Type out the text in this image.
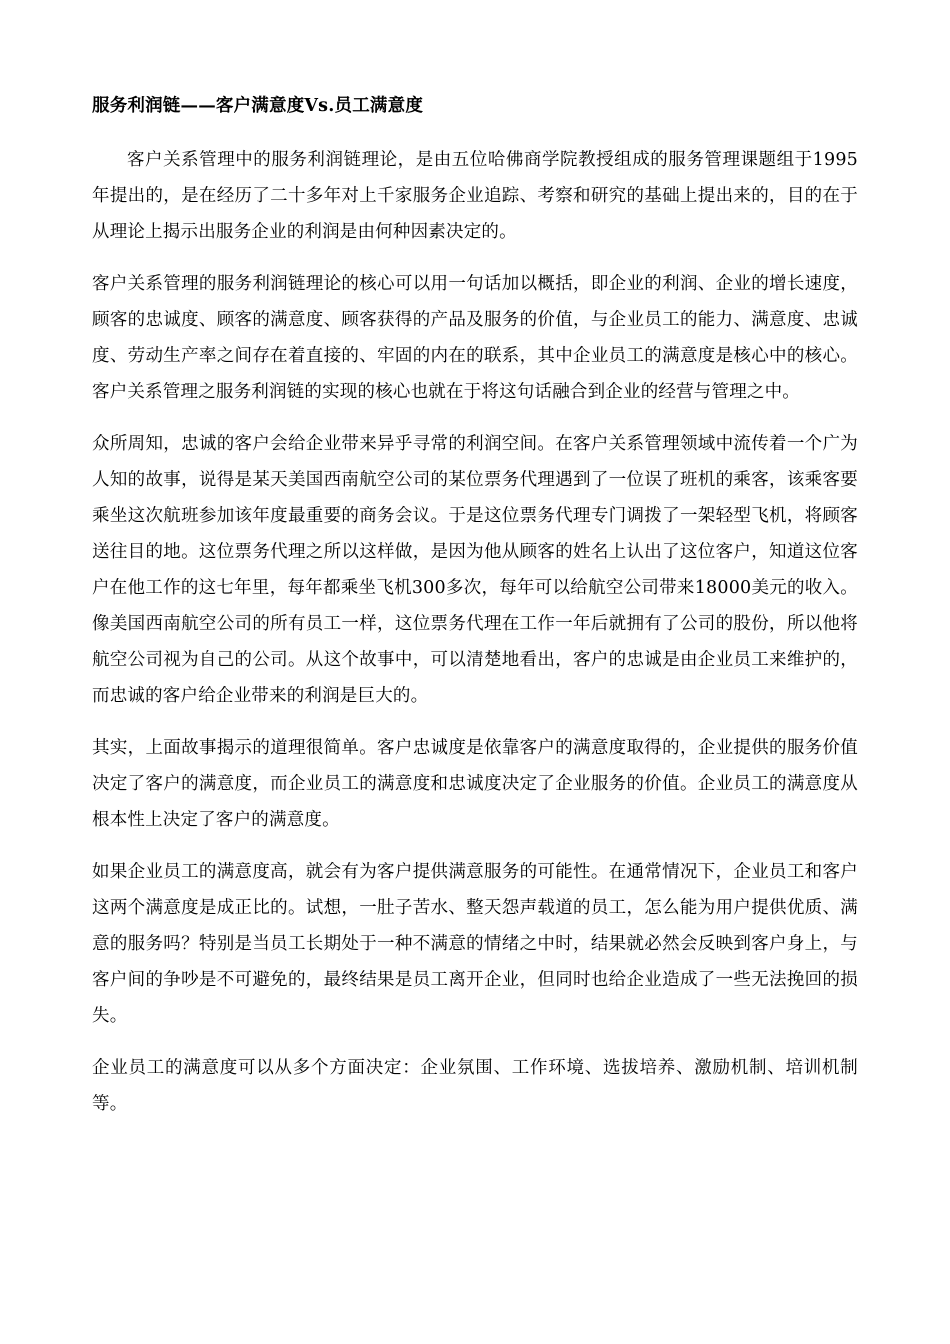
服务利润链——客户满意度Vs.员工满意度

客户关系管理中的服务利润链理论，是由五位哈佛商学院教授组成的服务管理课题组于1995年提出的，是在经历了二十多年对上千家服务企业追踪、考察和研究的基础上提出来的，目的在于从理论上揭示出服务企业的利润是由何种因素决定的。

客户关系管理的服务利润链理论的核心可以用一句话加以概括，即企业的利润、企业的增长速度，顾客的忠诚度、顾客的满意度、顾客获得的产品及服务的价值，与企业员工的能力、满意度、忠诚度、劳动生产率之间存在着直接的、牢固的内在的联系，其中企业员工的满意度是核心中的核心。客户关系管理之服务利润链的实现的核心也就在于将这句话融合到企业的经营与管理之中。

众所周知，忠诚的客户会给企业带来异乎寻常的利润空间。在客户关系管理领域中流传着一个广为人知的故事，说得是某天美国西南航空公司的某位票务代理遇到了一位误了班机的乘客，该乘客要乘坐这次航班参加该年度最重要的商务会议。于是这位票务代理专门调拨了一架轻型飞机，将顾客送往目的地。这位票务代理之所以这样做，是因为他从顾客的姓名上认出了这位客户，知道这位客户在他工作的这七年里，每年都乘坐飞机300多次，每年可以给航空公司带来18000美元的收入。像美国西南航空公司的所有员工一样，这位票务代理在工作一年后就拥有了公司的股份，所以他将航空公司视为自己的公司。从这个故事中，可以清楚地看出，客户的忠诚是由企业员工来维护的，而忠诚的客户给企业带来的利润是巨大的。

其实，上面故事揭示的道理很简单。客户忠诚度是依靠客户的满意度取得的，企业提供的服务价值决定了客户的满意度，而企业员工的满意度和忠诚度决定了企业服务的价值。企业员工的满意度从根本性上决定了客户的满意度。

如果企业员工的满意度高，就会有为客户提供满意服务的可能性。在通常情况下，企业员工和客户这两个满意度是成正比的。试想，一肚子苦水、整天怨声载道的员工，怎么能为用户提供优质、满意的服务吗？特别是当员工长期处于一种不满意的情绪之中时，结果就必然会反映到客户身上，与客户间的争吵是不可避免的，最终结果是员工离开企业，但同时也给企业造成了一些无法挽回的损失。

企业员工的满意度可以从多个方面决定：企业氛围、工作环境、选拔培养、激励机制、培训机制等。
